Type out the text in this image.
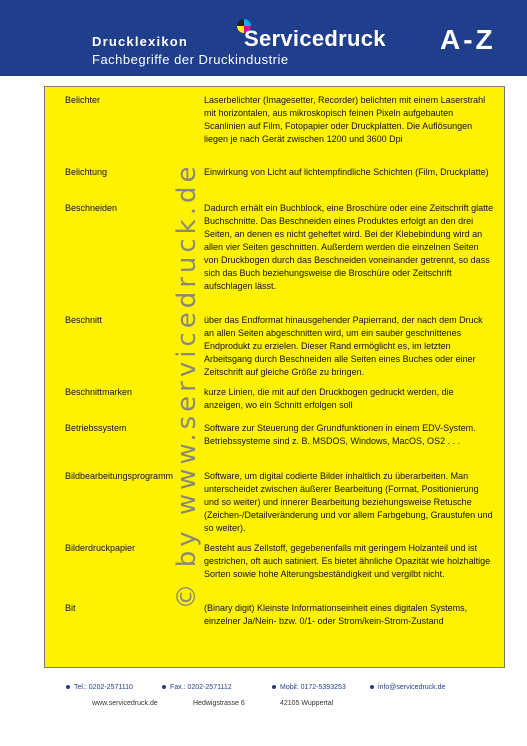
Drucklexikon
Fachbegriffe der Druckindustrie
Servicedruck A-Z
© by www.servicedruck.de
Belichter	Laserbelichter (Imagesetter, Recorder) belichten mit einem Laserstrahl mit horizontalen, aus mikroskopisch feinen Pixeln aufgebauten Scanlinien auf Film, Fotopapier oder Druckplatten. Die Auflösungen liegen je nach Gerät zwischen 1200 und 3600 Dpi
Belichtung	Einwirkung von Licht auf lichtempfindliche Schichten (Film, Druckplatte)
Beschneiden	Dadurch erhält ein Buchblock, eine Broschüre oder eine Zeitschrift glatte Buchschnitte. Das Beschneiden eines Produktes erfolgt an den drei Seiten, an denen es nicht geheftet wird. Bei der Klebebindung wird an allen vier Seiten geschnitten. Außerdem werden die einzelnen Seiten von Druckbogen durch das Beschneiden voneinander getrennt, so dass sich das Buch beziehungsweise die Broschüre oder Zeitschrift aufschlagen lässt.
Beschnitt	über das Endformat hinausgehender Papierrand, der nach dem Druck an allen Seiten abgeschnitten wird, um ein sauber geschnittenes Endprodukt zu erzielen. Dieser Rand ermöglicht es, im letzten Arbeitsgang durch Beschneiden alle Seiten eines Buches oder einer Zeitschrift auf gleiche Größe zu bringen.
Beschnittmarken	kurze Linien, die mit auf den Druckbogen gedruckt werden, die anzeigen, wo ein Schnitt erfolgen soll
Betriebssystem	Software zur Steuerung der Grundfunktionen in einem EDV-System. Betriebssysteme sind z. B. MSDOS, Windows, MacOS, OS2 . . .
Bildbearbeitungsprogramm	Software, um digital codierte Bilder inhaltlich zu überarbeiten. Man unterscheidet zwischen äußerer Bearbeitung (Format, Positionierung und so weiter) und innerer Bearbeitung beziehungsweise Retusche (Zeichen-/Detailveränderung und vor allem Farbgebung, Graustufen und so weiter).
Bilderdruckpapier	Besteht aus Zellstoff, gegebenenfalls mit geringem Holzanteil und ist gestrichen, oft auch satiniert. Es bietet ähnliche Opazität wie holzhaltige Sorten sowie hohe Alterungsbeständigkeit und vergilbt nicht.
Bit	(Binary digit) Kleinste Informationseinheit eines digitalen Systems, einzelner Ja/Nein- bzw. 0/1- oder Strom/kein-Strom-Zustand
Tel.: 0202-2571110	Fax.: 0202-2571112	Mobil: 0172-5393253	info@servicedruck.de
www.servicedruck.de	Hedwigstrasse 6	42105 Wuppertal
